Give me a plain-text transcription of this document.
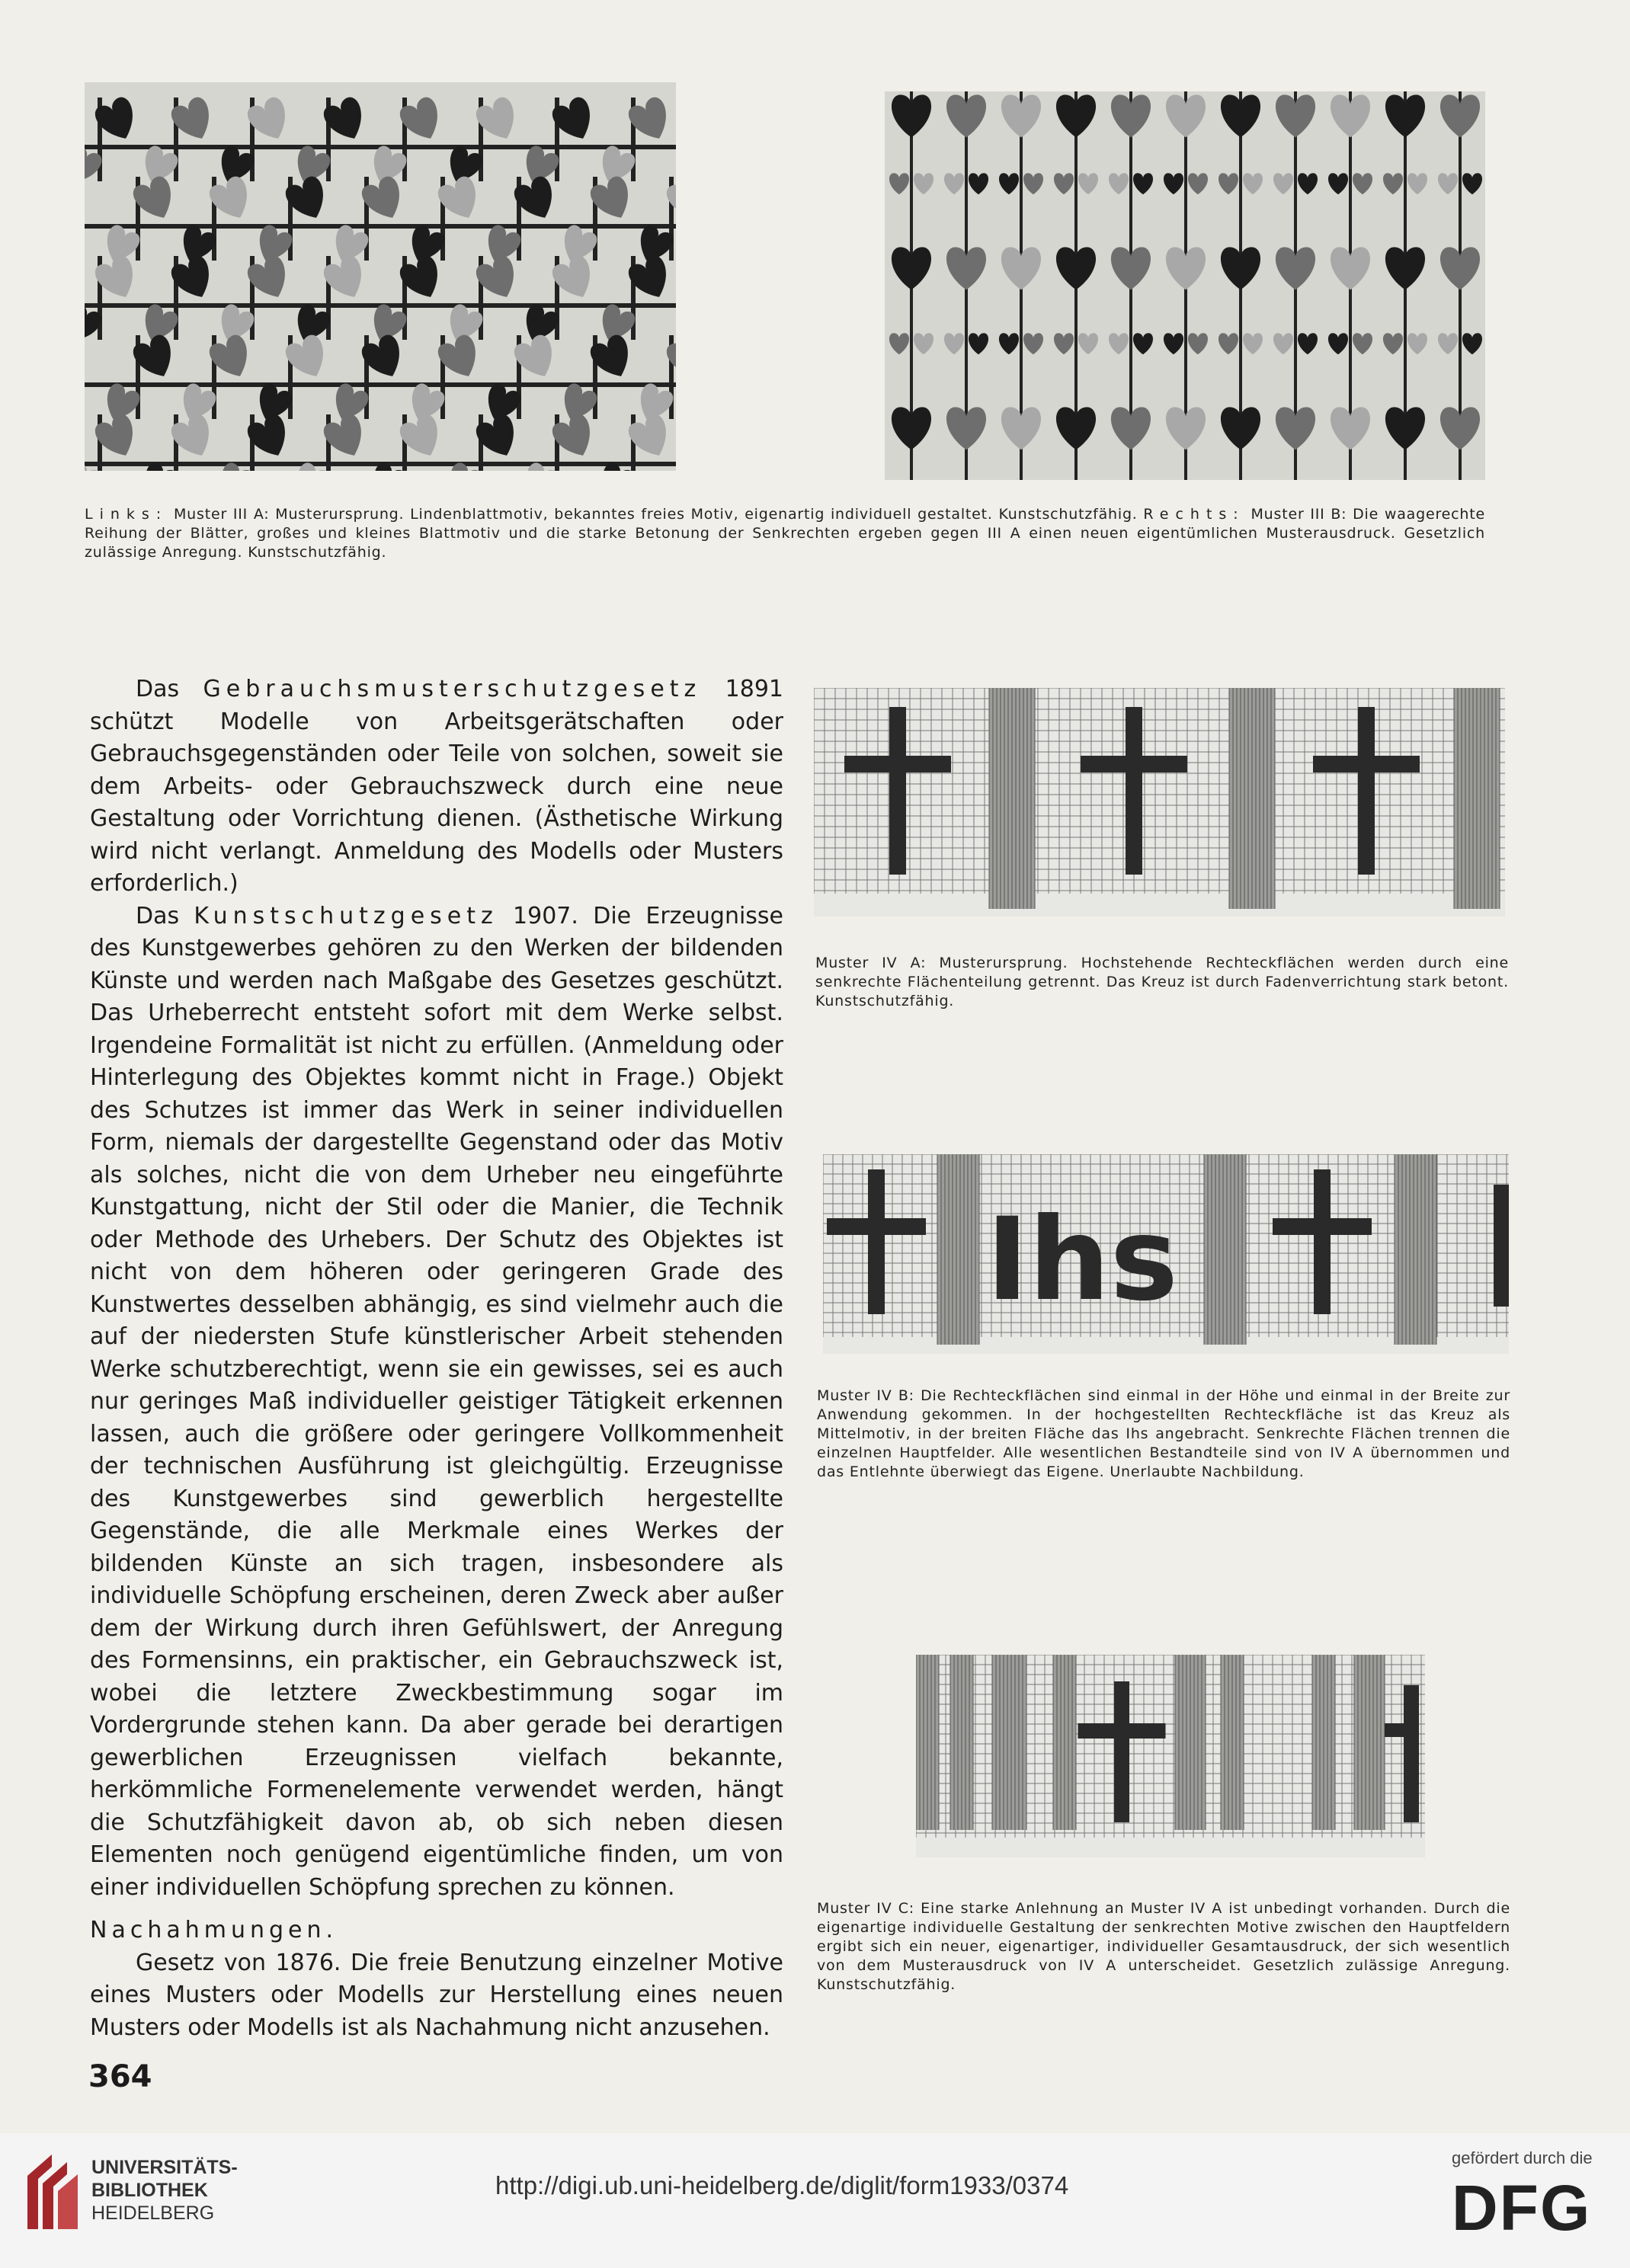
Links: Muster III A: Musterursprung. Lindenblattmotiv, bekanntes freies Motiv, eigenartig individuell gestaltet. Kunstschutzfähig. Rechts: Muster III B: Die waagerechte Reihung der Blätter, großes und kleines Blattmotiv und die starke Betonung der Senkrechten ergeben gegen III A einen neuen eigentümlichen Musterausdruck. Gesetzlich zulässige Anregung. Kunstschutzfähig.

Das Gebrauchsmusterschutzgesetz 1891 schützt Modelle von Arbeitsgerätschaften oder Gebrauchsgegenständen oder Teile von solchen, soweit sie dem Arbeits- oder Gebrauchszweck durch eine neue Gestaltung oder Vorrichtung dienen. (Ästhetische Wirkung wird nicht verlangt. Anmeldung des Modells oder Musters erforderlich.)

Das Kunstschutzgesetz 1907. Die Erzeugnisse des Kunstgewerbes gehören zu den Werken der bildenden Künste und werden nach Maßgabe des Gesetzes geschützt. Das Urheberrecht entsteht sofort mit dem Werke selbst. Irgendeine Formalität ist nicht zu erfüllen. (Anmeldung oder Hinterlegung des Objektes kommt nicht in Frage.) Objekt des Schutzes ist immer das Werk in seiner individuellen Form, niemals der dargestellte Gegenstand oder das Motiv als solches, nicht die von dem Urheber neu eingeführte Kunstgattung, nicht der Stil oder die Manier, die Technik oder Methode des Urhebers. Der Schutz des Objektes ist nicht von dem höheren oder geringeren Grade des Kunstwertes desselben abhängig, es sind vielmehr auch die auf der niedersten Stufe künstlerischer Arbeit stehenden Werke schutzberechtigt, wenn sie ein gewisses, sei es auch nur geringes Maß individueller geistiger Tätigkeit erkennen lassen, auch die größere oder geringere Vollkommenheit der technischen Ausführung ist gleichgültig. Erzeugnisse des Kunstgewerbes sind gewerblich hergestellte Gegenstände, die alle Merkmale eines Werkes der bildenden Künste an sich tragen, insbesondere als individuelle Schöpfung erscheinen, deren Zweck aber außer dem der Wirkung durch ihren Gefühlswert, der Anregung des Formensinns, ein praktischer, ein Gebrauchszweck ist, wobei die letztere Zweckbestimmung sogar im Vordergrunde stehen kann. Da aber gerade bei derartigen gewerblichen Erzeugnissen vielfach bekannte, herkömmliche Formenelemente verwendet werden, hängt die Schutzfähigkeit davon ab, ob sich neben diesen Elementen noch genügend eigentümliche finden, um von einer individuellen Schöpfung sprechen zu können.

Nachahmungen.

Gesetz von 1876. Die freie Benutzung einzelner Motive eines Musters oder Modells zur Herstellung eines neuen Musters oder Modells ist als Nachahmung nicht anzusehen.

Muster IV A: Musterursprung. Hochstehende Rechteckflächen werden durch eine senkrechte Flächenteilung getrennt. Das Kreuz ist durch Fadenverrichtung stark betont. Kunstschutzfähig.
Ihs
Muster IV B: Die Rechteckflächen sind einmal in der Höhe und einmal in der Breite zur Anwendung gekommen. In der hochgestellten Rechteckfläche ist das Kreuz als Mittelmotiv, in der breiten Fläche das Ihs angebracht. Senkrechte Flächen trennen die einzelnen Hauptfelder. Alle wesentlichen Bestandteile sind von IV A übernommen und das Entlehnte überwiegt das Eigene. Unerlaubte Nachbildung.
Muster IV C: Eine starke Anlehnung an Muster IV A ist unbedingt vorhanden. Durch die eigenartige individuelle Gestaltung der senkrechten Motive zwischen den Hauptfeldern ergibt sich ein neuer, eigenartiger, individueller Gesamtausdruck, der sich wesentlich von dem Musterausdruck von IV A unterscheidet. Gesetzlich zulässige Anregung. Kunstschutzfähig.
364
UNIVERSITÄTS-
BIBLIOTHEK
HEIDELBERG
http://digi.ub.uni-heidelberg.de/diglit/form1933/0374
gefördert durch die
DFG
